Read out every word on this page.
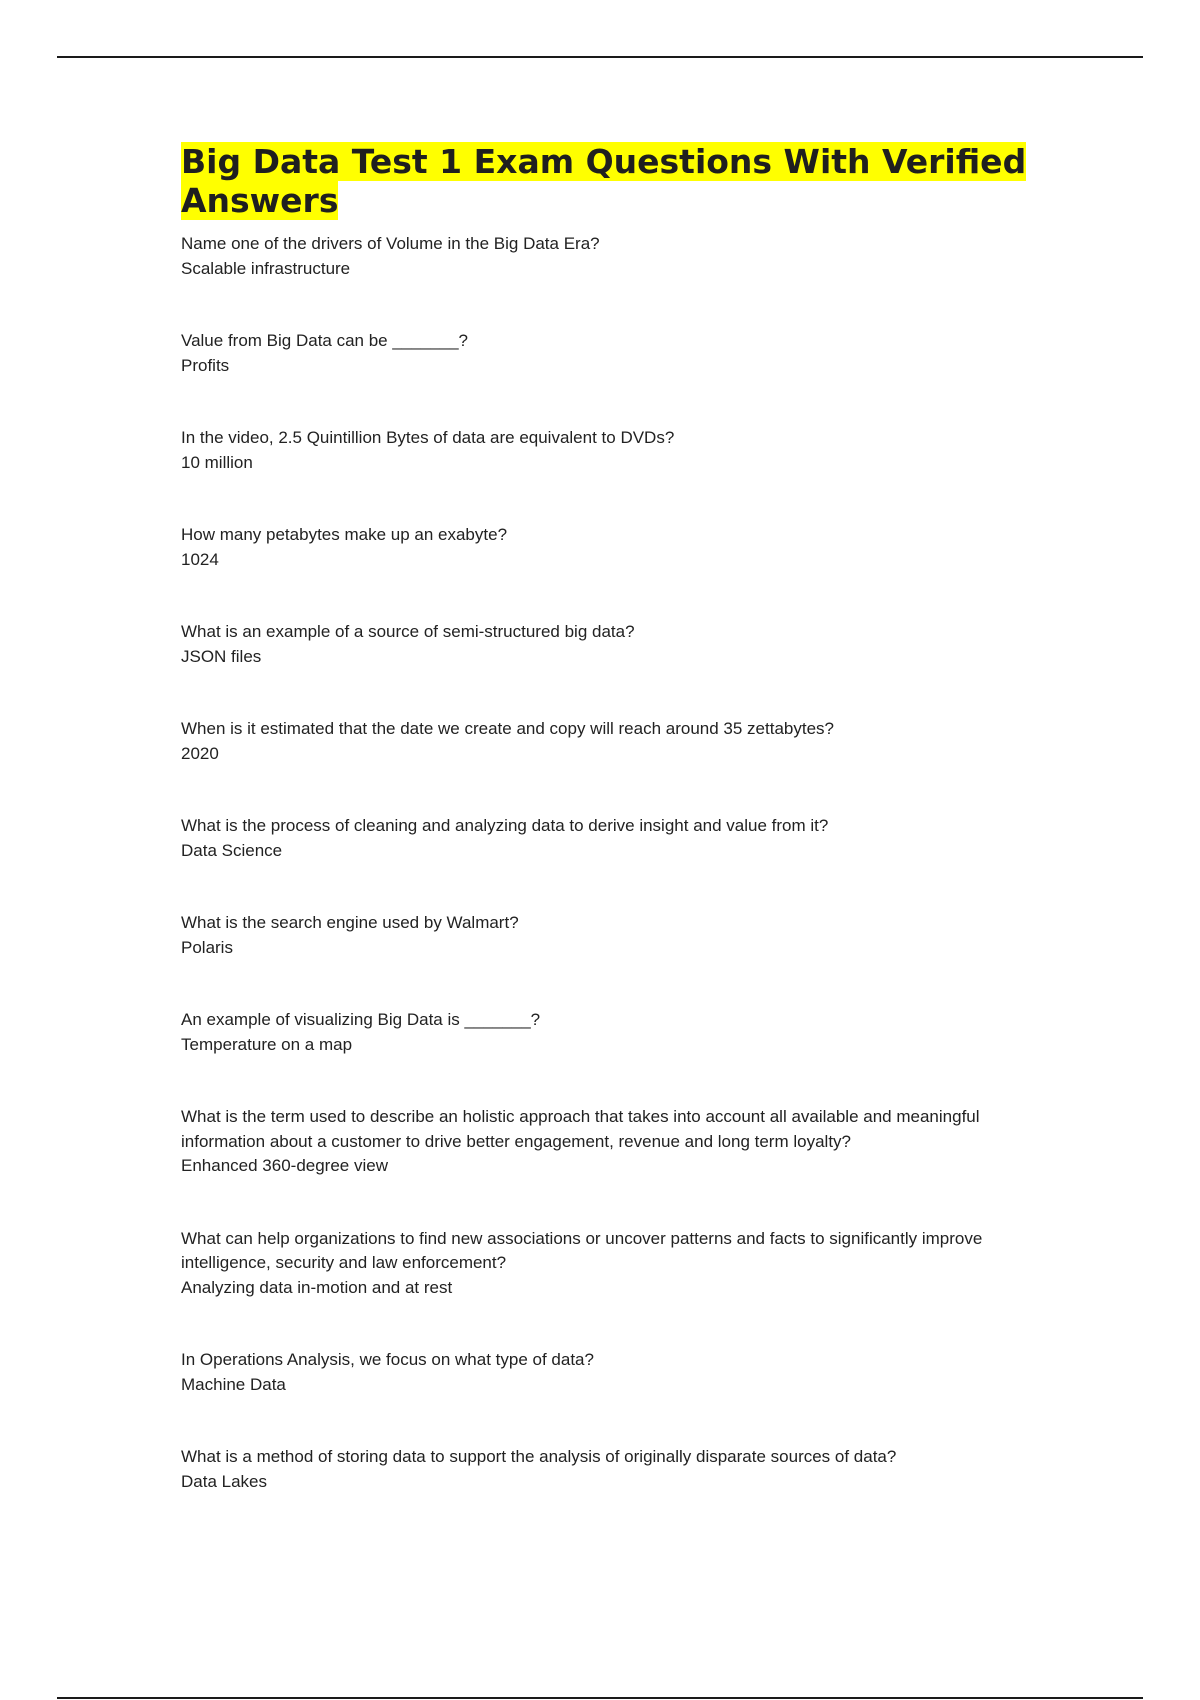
Big Data Test 1 Exam Questions With Verified Answers
Name one of the drivers of Volume in the Big Data Era?
Scalable infrastructure
Value from Big Data can be _______?
Profits
In the video, 2.5 Quintillion Bytes of data are equivalent to DVDs?
10 million
How many petabytes make up an exabyte?
1024
What is an example of a source of semi-structured big data?
JSON files
When is it estimated that the date we create and copy will reach around 35 zettabytes?
2020
What is the process of cleaning and analyzing data to derive insight and value from it?
Data Science
What is the search engine used by Walmart?
Polaris
An example of visualizing Big Data is _______?
Temperature on a map
What is the term used to describe an holistic approach that takes into account all available and meaningful information about a customer to drive better engagement, revenue and long term loyalty?
Enhanced 360-degree view
What can help organizations to find new associations or uncover patterns and facts to significantly improve intelligence, security and law enforcement?
Analyzing data in-motion and at rest
In Operations Analysis, we focus on what type of data?
Machine Data
What is a method of storing data to support the analysis of originally disparate sources of data?
Data Lakes
